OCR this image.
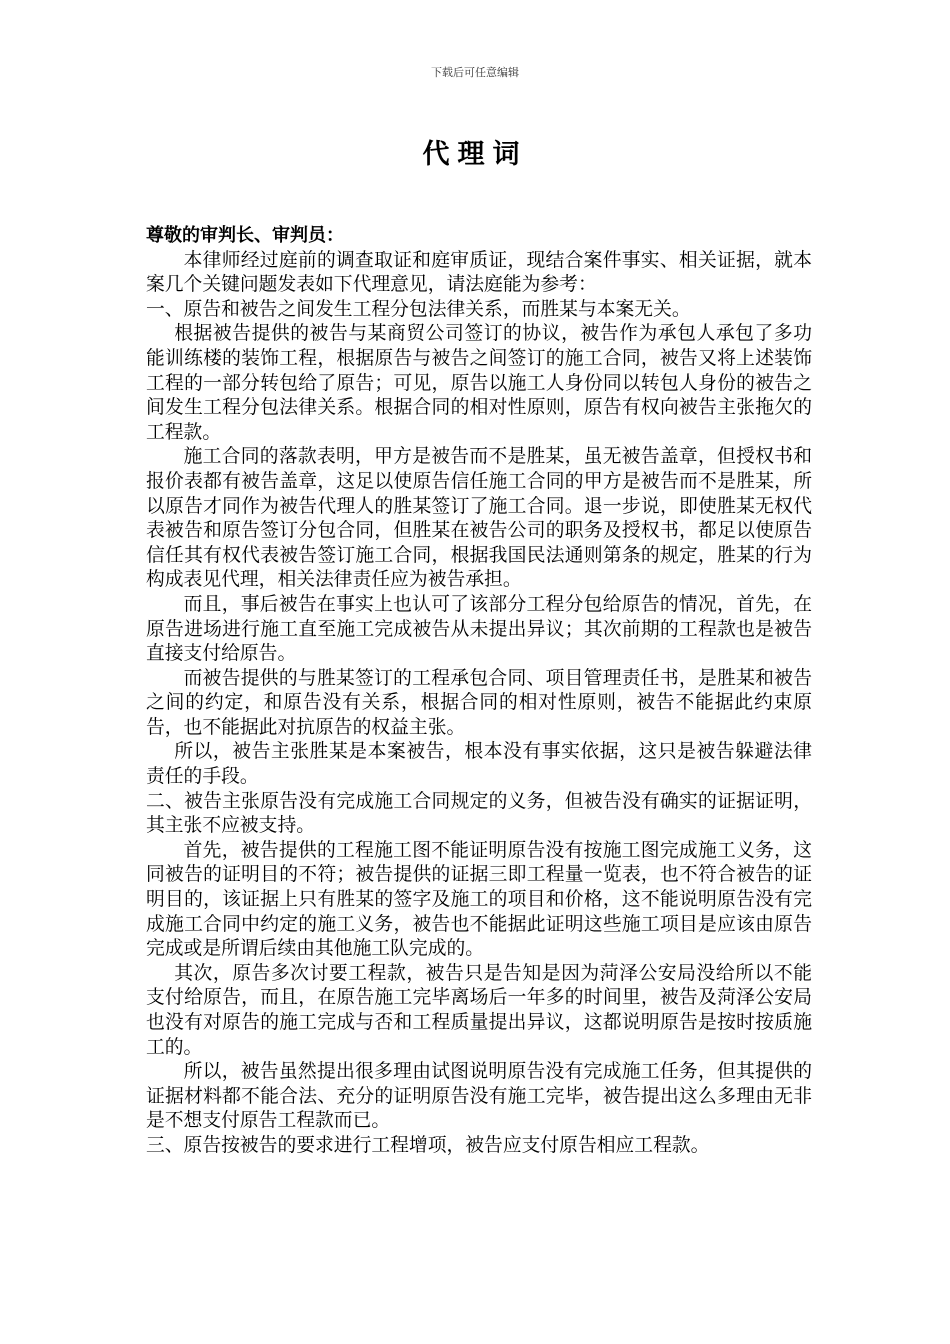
下载后可任意编辑
代理词

尊敬的审判长、审判员：

本律师经过庭前的调查取证和庭审质证，现结合案件事实、相关证据，就本案几个关键问题发表如下代理意见，请法庭能为参考：

一、原告和被告之间发生工程分包法律关系，而胜某与本案无关。

根据被告提供的被告与某商贸公司签订的协议，被告作为承包人承包了多功能训练楼的装饰工程，根据原告与被告之间签订的施工合同，被告又将上述装饰工程的一部分转包给了原告；可见，原告以施工人身份同以转包人身份的被告之间发生工程分包法律关系。根据合同的相对性原则，原告有权向被告主张拖欠的工程款。

施工合同的落款表明，甲方是被告而不是胜某，虽无被告盖章，但授权书和报价表都有被告盖章，这足以使原告信任施工合同的甲方是被告而不是胜某，所以原告才同作为被告代理人的胜某签订了施工合同。退一步说，即使胜某无权代表被告和原告签订分包合同，但胜某在被告公司的职务及授权书，都足以使原告信任其有权代表被告签订施工合同，根据我国民法通则第条的规定，胜某的行为构成表见代理，相关法律责任应为被告承担。

而且，事后被告在事实上也认可了该部分工程分包给原告的情况，首先，在原告进场进行施工直至施工完成被告从未提出异议；其次前期的工程款也是被告直接支付给原告。

而被告提供的与胜某签订的工程承包合同、项目管理责任书，是胜某和被告之间的约定，和原告没有关系，根据合同的相对性原则，被告不能据此约束原告，也不能据此对抗原告的权益主张。

所以，被告主张胜某是本案被告，根本没有事实依据，这只是被告躲避法律责任的手段。

二、被告主张原告没有完成施工合同规定的义务，但被告没有确实的证据证明，其主张不应被支持。

首先，被告提供的工程施工图不能证明原告没有按施工图完成施工义务，这同被告的证明目的不符；被告提供的证据三即工程量一览表，也不符合被告的证明目的，该证据上只有胜某的签字及施工的项目和价格，这不能说明原告没有完成施工合同中约定的施工义务，被告也不能据此证明这些施工项目是应该由原告完成或是所谓后续由其他施工队完成的。

其次，原告多次讨要工程款，被告只是告知是因为菏泽公安局没给所以不能支付给原告，而且，在原告施工完毕离场后一年多的时间里，被告及菏泽公安局也没有对原告的施工完成与否和工程质量提出异议，这都说明原告是按时按质施工的。

所以，被告虽然提出很多理由试图说明原告没有完成施工任务，但其提供的证据材料都不能合法、充分的证明原告没有施工完毕，被告提出这么多理由无非是不想支付原告工程款而已。

三、原告按被告的要求进行工程增项，被告应支付原告相应工程款。
